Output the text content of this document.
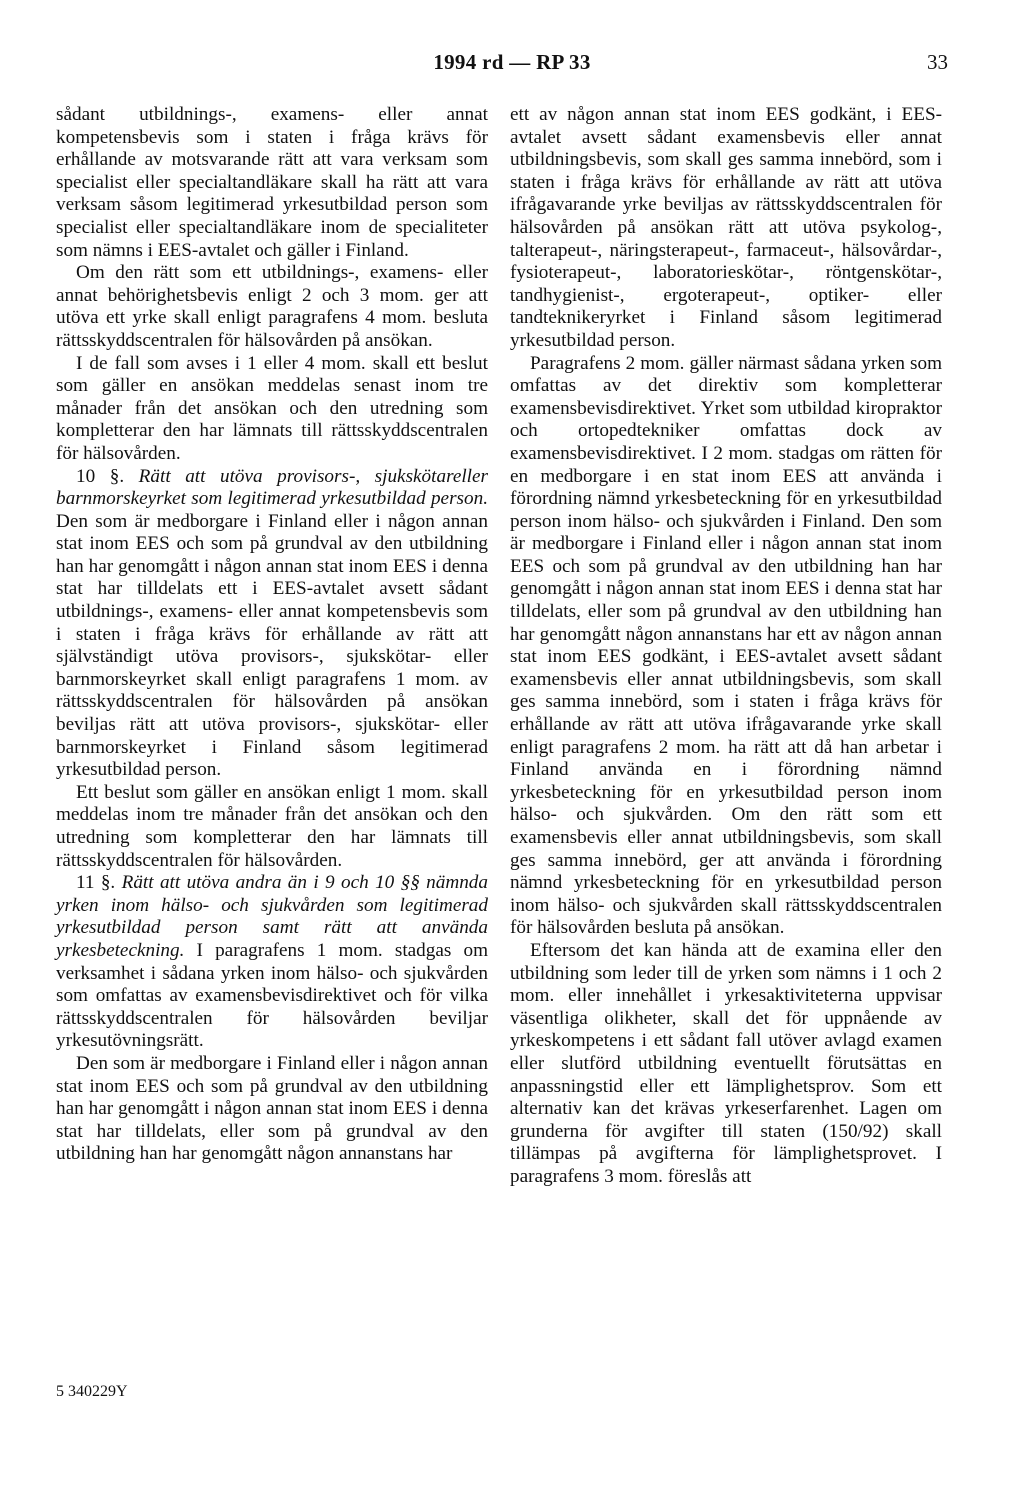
1994 rd — RP 33	33

sådant utbildnings-, examens- eller annat kompetensbevis som i staten i fråga krävs för erhållande av motsvarande rätt att vara verksam som specialist eller specialtandläkare skall ha rätt att vara verksam såsom legitimerad yrkesutbildad person som specialist eller specialtandläkare inom de specialiteter som nämns i EES-avtalet och gäller i Finland.

Om den rätt som ett utbildnings-, examens- eller annat behörighetsbevis enligt 2 och 3 mom. ger att utöva ett yrke skall enligt paragrafens 4 mom. besluta rättsskyddscentralen för hälsovården på ansökan.

I de fall som avses i 1 eller 4 mom. skall ett beslut som gäller en ansökan meddelas senast inom tre månader från det ansökan och den utredning som kompletterar den har lämnats till rättsskyddscentralen för hälsovården.

10 §. Rätt att utöva provisors-, sjukskötareller barnmorskeyrket som legitimerad yrkesutbildad person. Den som är medborgare i Finland eller i någon annan stat inom EES och som på grundval av den utbildning han har genomgått i någon annan stat inom EES i denna stat har tilldelats ett i EES-avtalet avsett sådant utbildnings-, examens- eller annat kompetensbevis som i staten i fråga krävs för erhållande av rätt att självständigt utöva provisors-, sjukskötar- eller barnmorskeyrket skall enligt paragrafens 1 mom. av rättsskyddscentralen för hälsovården på ansökan beviljas rätt att utöva provisors-, sjukskötar- eller barnmorskeyrket i Finland såsom legitimerad yrkesutbildad person.

Ett beslut som gäller en ansökan enligt 1 mom. skall meddelas inom tre månader från det ansökan och den utredning som kompletterar den har lämnats till rättsskyddscentralen för hälsovården.

11 §. Rätt att utöva andra än i 9 och 10 §§ nämnda yrken inom hälso- och sjukvården som legitimerad yrkesutbildad person samt rätt att använda yrkesbeteckning. I paragrafens 1 mom. stadgas om verksamhet i sådana yrken inom hälso- och sjukvården som omfattas av examensbevisdirektivet och för vilka rättsskyddscentralen för hälsovården beviljar yrkesutövningsrätt.

Den som är medborgare i Finland eller i någon annan stat inom EES och som på grundval av den utbildning han har genomgått i någon annan stat inom EES i denna stat har tilldelats, eller som på grundval av den utbildning han har genomgått någon annanstans har

ett av någon annan stat inom EES godkänt, i EES-avtalet avsett sådant examensbevis eller annat utbildningsbevis, som skall ges samma innebörd, som i staten i fråga krävs för erhållande av rätt att utöva ifrågavarande yrke beviljas av rättsskyddscentralen för hälsovården på ansökan rätt att utöva psykolog-, talterapeut-, näringsterapeut-, farmaceut-, hälsovårdar-, fysioterapeut-, laboratorieskötar-, röntgenskötar-, tandhygienist-, ergoterapeut-, optiker- eller tandteknikeryrket i Finland såsom legitimerad yrkesutbildad person.

Paragrafens 2 mom. gäller närmast sådana yrken som omfattas av det direktiv som kompletterar examensbevisdirektivet. Yrket som utbildad kiropraktor och ortopedtekniker omfattas dock av examensbevisdirektivet. I 2 mom. stadgas om rätten för en medborgare i en stat inom EES att använda i förordning nämnd yrkesbeteckning för en yrkesutbildad person inom hälso- och sjukvården i Finland. Den som är medborgare i Finland eller i någon annan stat inom EES och som på grundval av den utbildning han har genomgått i någon annan stat inom EES i denna stat har tilldelats, eller som på grundval av den utbildning han har genomgått någon annanstans har ett av någon annan stat inom EES godkänt, i EES-avtalet avsett sådant examensbevis eller annat utbildningsbevis, som skall ges samma innebörd, som i staten i fråga krävs för erhållande av rätt att utöva ifrågavarande yrke skall enligt paragrafens 2 mom. ha rätt att då han arbetar i Finland använda en i förordning nämnd yrkesbeteckning för en yrkesutbildad person inom hälso- och sjukvården. Om den rätt som ett examensbevis eller annat utbildningsbevis, som skall ges samma innebörd, ger att använda i förordning nämnd yrkesbeteckning för en yrkesutbildad person inom hälso- och sjukvården skall rättsskyddscentralen för hälsovården besluta på ansökan.

Eftersom det kan hända att de examina eller den utbildning som leder till de yrken som nämns i 1 och 2 mom. eller innehållet i yrkesaktiviteterna uppvisar väsentliga olikheter, skall det för uppnående av yrkeskompetens i ett sådant fall utöver avlagd examen eller slutförd utbildning eventuellt förutsättas en anpassningstid eller ett lämplighetsprov. Som ett alternativ kan det krävas yrkeserfarenhet. Lagen om grunderna för avgifter till staten (150/92) skall tillämpas på avgifterna för lämplighetsprovet. I paragrafens 3 mom. föreslås att

5 340229Y
